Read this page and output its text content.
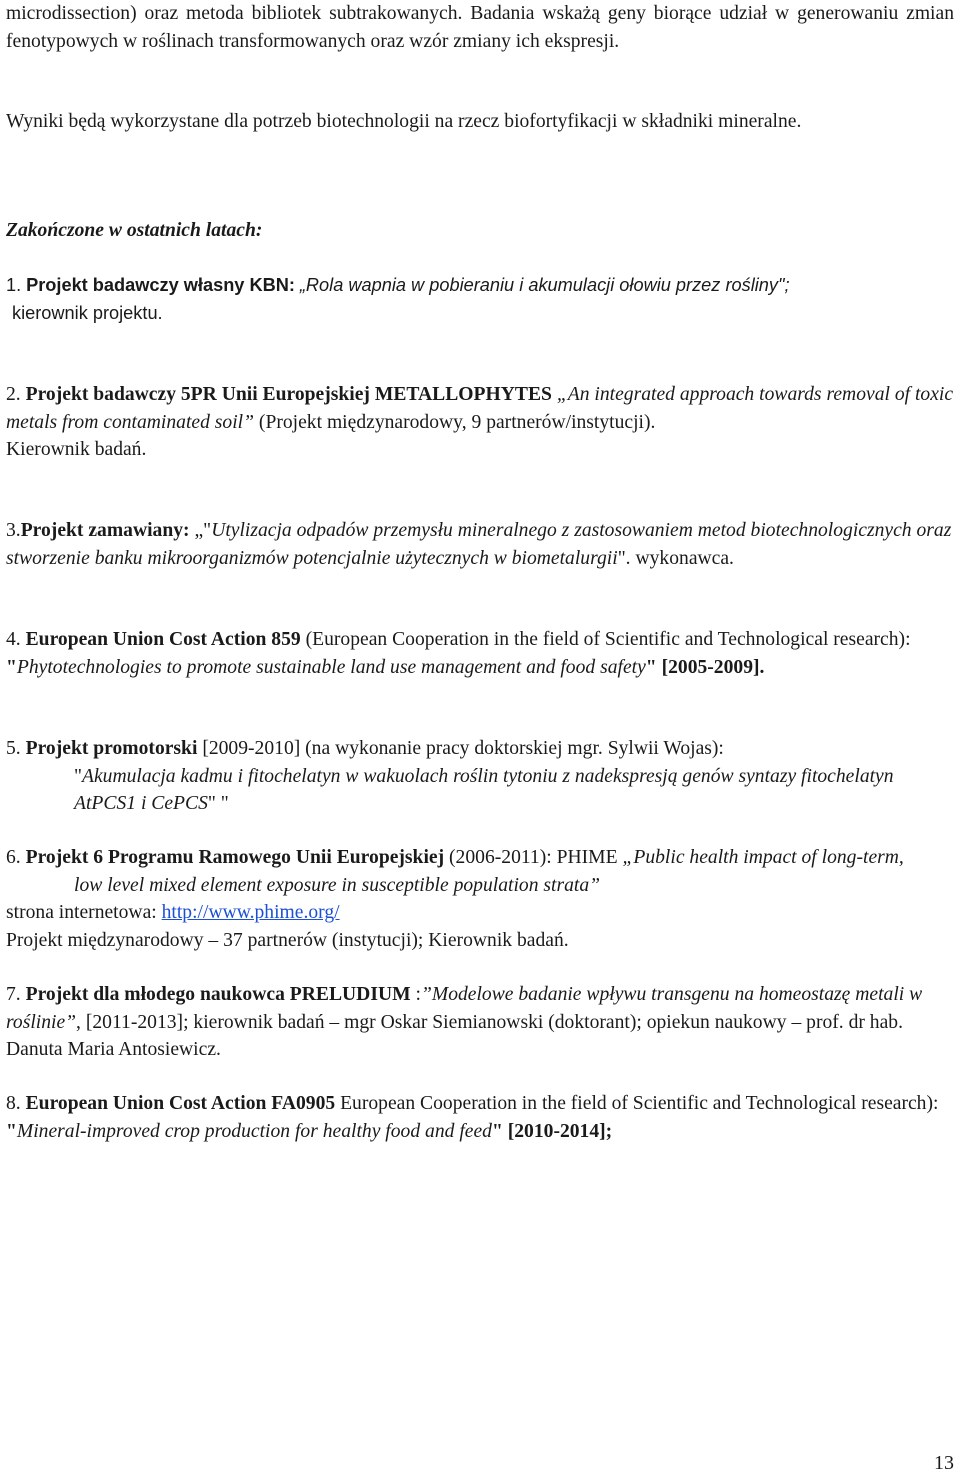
microdissection) oraz metoda bibliotek subtrakowanych. Badania wskażą geny biorące udział w generowaniu zmian fenotypowych w roślinach transformowanych oraz wzór zmiany ich ekspresji.

Wyniki będą wykorzystane dla potrzeb biotechnologii na rzecz biofortyfikacji w składniki mineralne.

Zakończone w ostatnich latach:

1. Projekt badawczy własny KBN: „Rola wapnia w pobieraniu i akumulacji ołowiu przez rośliny";
kierownik projektu.
2. Projekt badawczy 5PR Unii Europejskiej METALLOPHYTES „An integrated approach towards removal of toxic metals from contaminated soil” (Projekt międzynarodowy, 9 partnerów/instytucji).
Kierownik badań.
3.Projekt zamawiany: „"Utylizacja odpadów przemysłu mineralnego z zastosowaniem metod biotechnologicznych oraz stworzenie banku mikroorganizmów potencjalnie użytecznych w biometalurgii". wykonawca.
4. European Union Cost Action 859 (European Cooperation in the field of Scientific and Technological research): "Phytotechnologies to promote sustainable land use management and food safety" [2005-2009].
5. Projekt promotorski [2009-2010] (na wykonanie pracy doktorskiej mgr. Sylwii Wojas):
"Akumulacja kadmu i fitochelatyn w wakuolach roślin tytoniu z nadekspresją genów syntazy fitochelatyn AtPCS1 i CePCS" "
6. Projekt 6 Programu Ramowego Unii Europejskiej (2006-2011): PHIME „Public health impact of long-term, low level mixed element exposure in susceptible population strata”
strona internetowa: http://www.phime.org/
Projekt międzynarodowy – 37 partnerów (instytucji); Kierownik badań.
7. Projekt dla młodego naukowca PRELUDIUM :”Modelowe badanie wpływu transgenu na homeostazę metali w roślinie”, [2011-2013]; kierownik badań – mgr Oskar Siemianowski (doktorant); opiekun naukowy – prof. dr hab. Danuta Maria Antosiewicz.
8. European Union Cost Action FA0905 European Cooperation in the field of Scientific and Technological research): "Mineral-improved crop production for healthy food and feed" [2010-2014];
13
